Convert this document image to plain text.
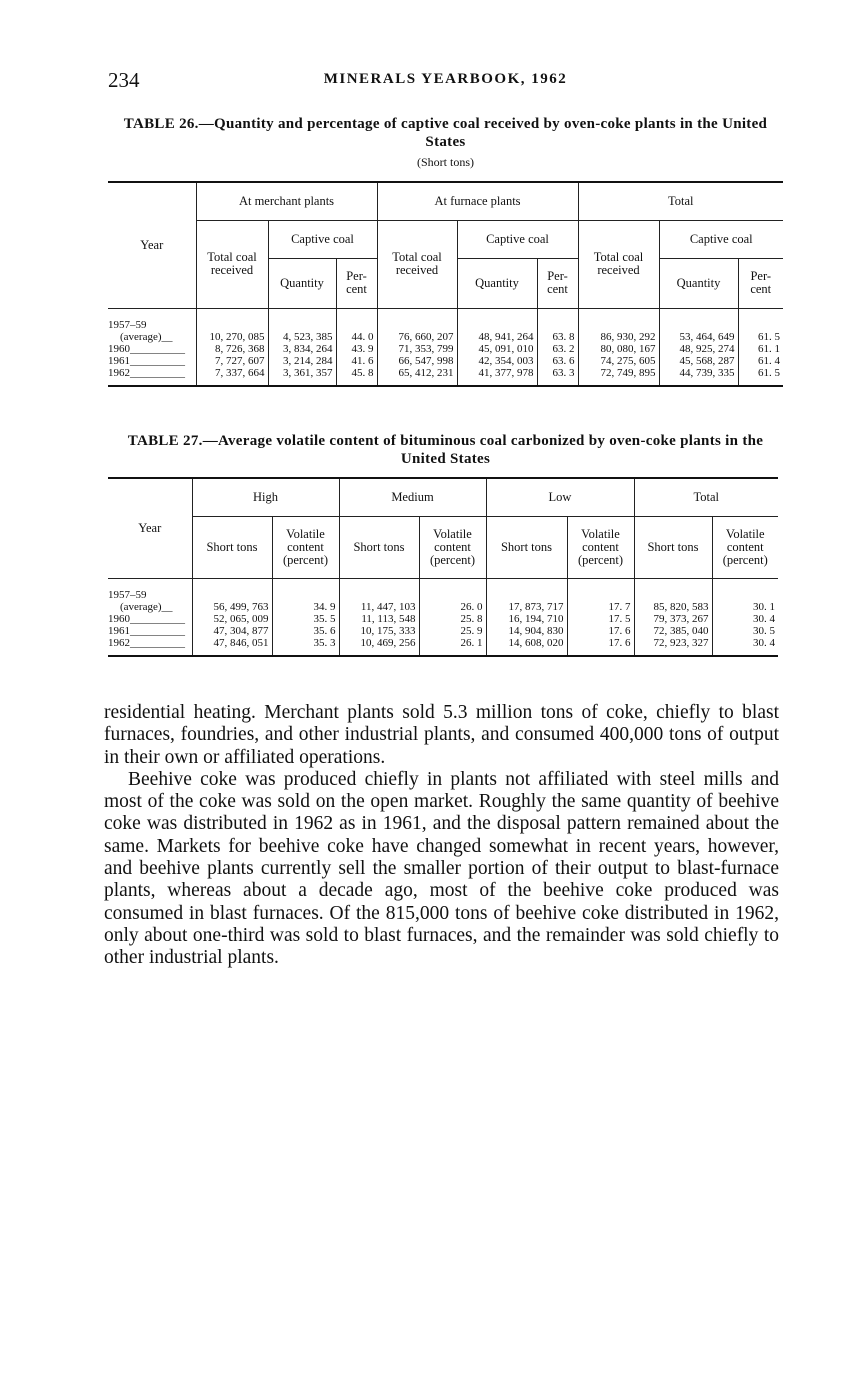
234	MINERALS YEARBOOK, 1962
TABLE 26.—Quantity and percentage of captive coal received by oven-coke plants in the United States
(Short tons)
Year	At merchant plants			At furnace plants			Total		
	Total coal received	Captive coal		Total coal received	Captive coal		Total coal received	Captive coal	
		Quantity	Per-cent		Quantity	Per-cent		Quantity	Per-cent

1957–59									
(average)__	10, 270, 085	4, 523, 385	44. 0	76, 660, 207	48, 941, 264	63. 8	86, 930, 292	53, 464, 649	61. 5
1960__________	8, 726, 368	3, 834, 264	43. 9	71, 353, 799	45, 091, 010	63. 2	80, 080, 167	48, 925, 274	61. 1
1961__________	7, 727, 607	3, 214, 284	41. 6	66, 547, 998	42, 354, 003	63. 6	74, 275, 605	45, 568, 287	61. 4
1962__________	7, 337, 664	3, 361, 357	45. 8	65, 412, 231	41, 377, 978	63. 3	72, 749, 895	44, 739, 335	61. 5
TABLE 27.—Average volatile content of bituminous coal carbonized by oven-coke plants in the United States
Year	High		Medium		Low		Total	
	Short tons	Volatile content (percent)	Short tons	Volatile content (percent)	Short tons	Volatile content (percent)	Short tons	Volatile content (percent)

1957–59								
(average)__	56, 499, 763	34. 9	11, 447, 103	26. 0	17, 873, 717	17. 7	85, 820, 583	30. 1
1960__________	52, 065, 009	35. 5	11, 113, 548	25. 8	16, 194, 710	17. 5	79, 373, 267	30. 4
1961__________	47, 304, 877	35. 6	10, 175, 333	25. 9	14, 904, 830	17. 6	72, 385, 040	30. 5
1962__________	47, 846, 051	35. 3	10, 469, 256	26. 1	14, 608, 020	17. 6	72, 923, 327	30. 4

residential heating. Merchant plants sold 5.3 million tons of coke, chiefly to blast furnaces, foundries, and other industrial plants, and consumed 400,000 tons of output in their own or affiliated operations.

Beehive coke was produced chiefly in plants not affiliated with steel mills and most of the coke was sold on the open market. Roughly the same quantity of beehive coke was distributed in 1962 as in 1961, and the disposal pattern remained about the same. Markets for beehive coke have changed somewhat in recent years, however, and beehive plants currently sell the smaller portion of their output to blast-furnace plants, whereas about a decade ago, most of the beehive coke produced was consumed in blast furnaces. Of the 815,000 tons of beehive coke distributed in 1962, only about one-third was sold to blast furnaces, and the remainder was sold chiefly to other industrial plants.
